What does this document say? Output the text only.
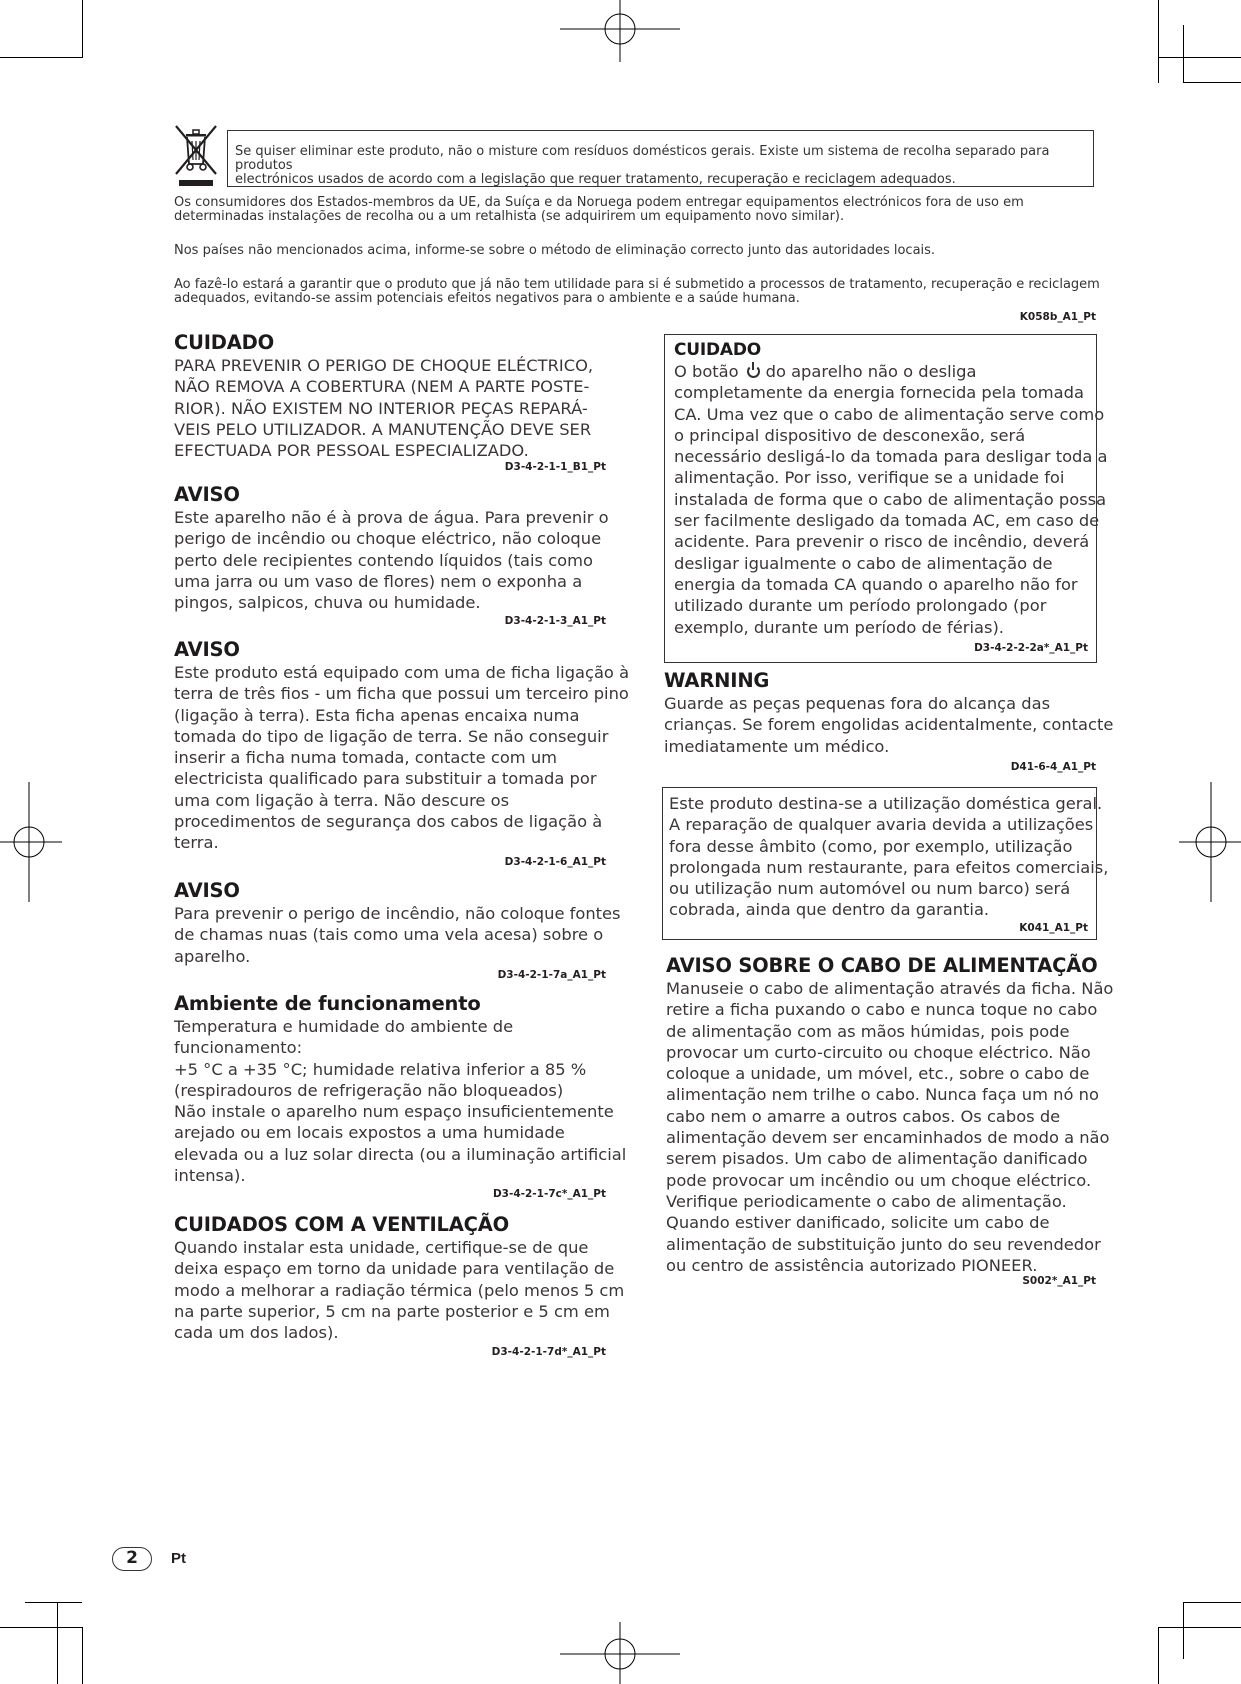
Se quiser eliminar este produto, não o misture com resíduos domésticos gerais. Existe um sistema de recolha separado para produtos
electrónicos usados de acordo com a legislação que requer tratamento, recuperação e reciclagem adequados.
Os consumidores dos Estados-membros da UE, da Suíça e da Noruega podem entregar equipamentos electrónicos fora de uso em
determinadas instalações de recolha ou a um retalhista (se adquirirem um equipamento novo similar).
Nos países não mencionados acima, informe-se sobre o método de eliminação correcto junto das autoridades locais.
Ao fazê-lo estará a garantir que o produto que já não tem utilidade para si é submetido a processos de tratamento, recuperação e reciclagem
adequados, evitando-se assim potenciais efeitos negativos para o ambiente e a saúde humana.
K058b_A1_Pt
CUIDADO
PARA PREVENIR O PERIGO DE CHOQUE ELÉCTRICO,
NÃO REMOVA A COBERTURA (NEM A PARTE POSTE-
RIOR). NÃO EXISTEM NO INTERIOR PEÇAS REPARÁ-
VEIS PELO UTILIZADOR. A MANUTENÇÃO DEVE SER
EFECTUADA POR PESSOAL ESPECIALIZADO.
D3-4-2-1-1_B1_Pt
AVISO
Este aparelho não é à prova de água. Para prevenir o
perigo de incêndio ou choque eléctrico, não coloque
perto dele recipientes contendo líquidos (tais como
uma jarra ou um vaso de flores) nem o exponha a
pingos, salpicos, chuva ou humidade.
D3-4-2-1-3_A1_Pt
AVISO
Este produto está equipado com uma de ficha ligação à
terra de três fios - um ficha que possui um terceiro pino
(ligação à terra). Esta ficha apenas encaixa numa
tomada do tipo de ligação de terra. Se não conseguir
inserir a ficha numa tomada, contacte com um
electricista qualificado para substituir a tomada por
uma com ligação à terra. Não descure os
procedimentos de segurança dos cabos de ligação à
terra.
D3-4-2-1-6_A1_Pt
AVISO
Para prevenir o perigo de incêndio, não coloque fontes
de chamas nuas (tais como uma vela acesa) sobre o
aparelho.
D3-4-2-1-7a_A1_Pt
Ambiente de funcionamento
Temperatura e humidade do ambiente de
funcionamento:
+5 °C a +35 °C; humidade relativa inferior a 85 %
(respiradouros de refrigeração não bloqueados)
Não instale o aparelho num espaço insuficientemente
arejado ou em locais expostos a uma humidade
elevada ou a luz solar directa (ou a iluminação artificial
intensa).
D3-4-2-1-7c*_A1_Pt
CUIDADOS COM A VENTILAÇÃO
Quando instalar esta unidade, certifique-se de que
deixa espaço em torno da unidade para ventilação de
modo a melhorar a radiação térmica (pelo menos 5 cm
na parte superior, 5 cm na parte posterior e 5 cm em
cada um dos lados).
D3-4-2-1-7d*_A1_Pt
CUIDADO
O botão do aparelho não o desliga
completamente da energia fornecida pela tomada
CA. Uma vez que o cabo de alimentação serve como
o principal dispositivo de desconexão, será
necessário desligá-lo da tomada para desligar toda a
alimentação. Por isso, verifique se a unidade foi
instalada de forma que o cabo de alimentação possa
ser facilmente desligado da tomada AC, em caso de
acidente. Para prevenir o risco de incêndio, deverá
desligar igualmente o cabo de alimentação de
energia da tomada CA quando o aparelho não for
utilizado durante um período prolongado (por
exemplo, durante um período de férias).
D3-4-2-2-2a*_A1_Pt
WARNING
Guarde as peças pequenas fora do alcança das
crianças. Se forem engolidas acidentalmente, contacte
imediatamente um médico.
D41-6-4_A1_Pt
Este produto destina-se a utilização doméstica geral.
A reparação de qualquer avaria devida a utilizações
fora desse âmbito (como, por exemplo, utilização
prolongada num restaurante, para efeitos comerciais,
ou utilização num automóvel ou num barco) será
cobrada, ainda que dentro da garantia.
K041_A1_Pt
AVISO SOBRE O CABO DE ALIMENTAÇÃO
Manuseie o cabo de alimentação através da ficha. Não
retire a ficha puxando o cabo e nunca toque no cabo
de alimentação com as mãos húmidas, pois pode
provocar um curto-circuito ou choque eléctrico. Não
coloque a unidade, um móvel, etc., sobre o cabo de
alimentação nem trilhe o cabo. Nunca faça um nó no
cabo nem o amarre a outros cabos. Os cabos de
alimentação devem ser encaminhados de modo a não
serem pisados. Um cabo de alimentação danificado
pode provocar um incêndio ou um choque eléctrico.
Verifique periodicamente o cabo de alimentação.
Quando estiver danificado, solicite um cabo de
alimentação de substituição junto do seu revendedor
ou centro de assistência autorizado PIONEER.
S002*_A1_Pt
2	Pt
